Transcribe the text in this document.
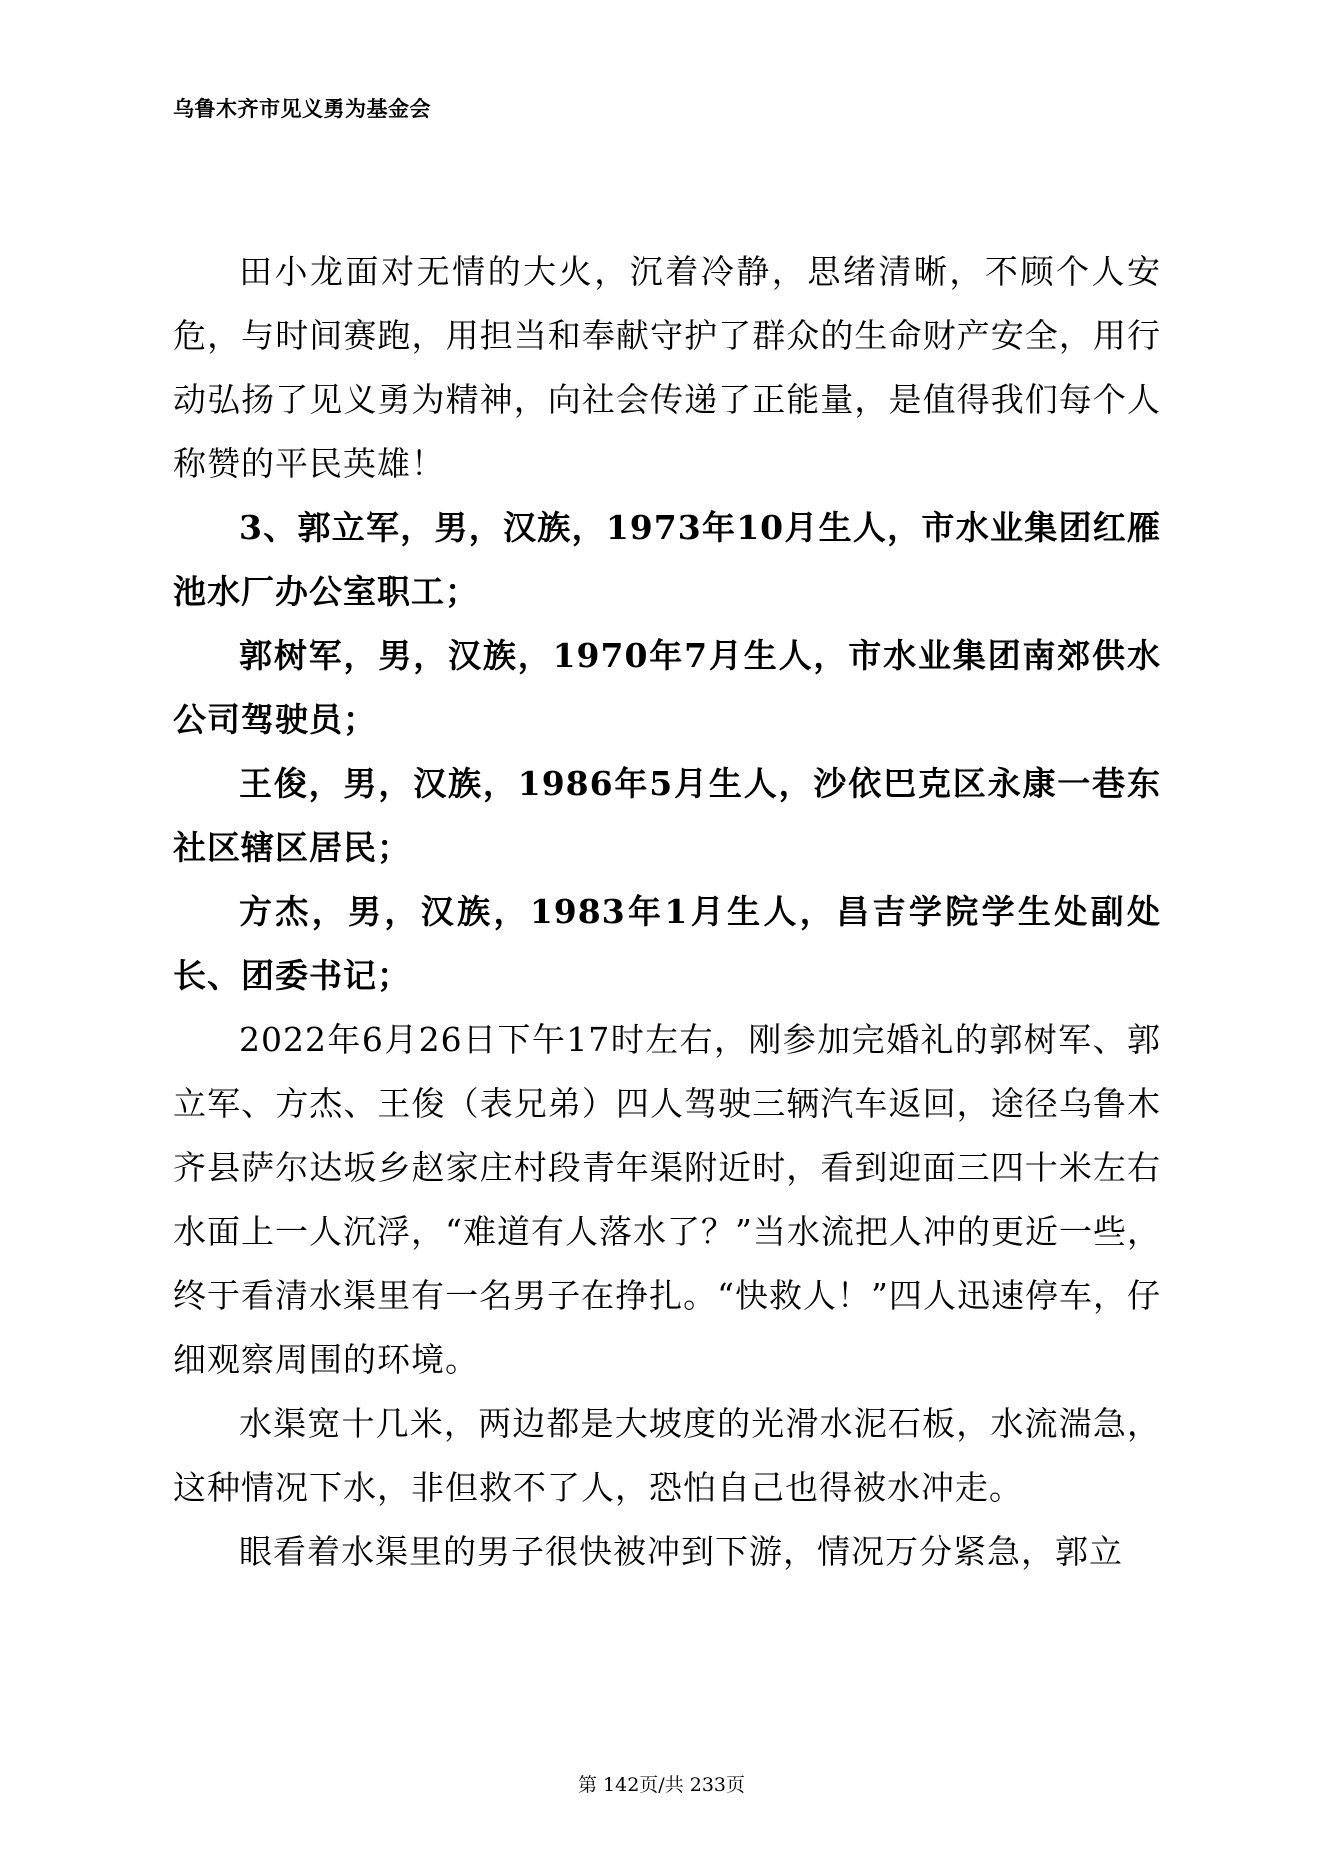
乌鲁木齐市见义勇为基金会

田小龙面对无情的大火，沉着冷静，思绪清晰，不顾个人安危，与时间赛跑，用担当和奉献守护了群众的生命财产安全，用行动弘扬了见义勇为精神，向社会传递了正能量，是值得我们每个人称赞的平民英雄！

3、郭立军，男，汉族，1973年10月生人，市水业集团红雁池水厂办公室职工；

郭树军，男，汉族，1970年7月生人，市水业集团南郊供水公司驾驶员；

王俊，男，汉族，1986年5月生人，沙依巴克区永康一巷东社区辖区居民；

方杰，男，汉族，1983年1月生人，昌吉学院学生处副处长、团委书记；

2022年6月26日下午17时左右，刚参加完婚礼的郭树军、郭立军、方杰、王俊（表兄弟）四人驾驶三辆汽车返回，途径乌鲁木齐县萨尔达坂乡赵家庄村段青年渠附近时，看到迎面三四十米左右水面上一人沉浮，“难道有人落水了？”当水流把人冲的更近一些，终于看清水渠里有一名男子在挣扎。“快救人！”四人迅速停车，仔细观察周围的环境。

水渠宽十几米，两边都是大坡度的光滑水泥石板，水流湍急，这种情况下水，非但救不了人，恐怕自己也得被水冲走。

眼看着水渠里的男子很快被冲到下游，情况万分紧急，郭立

第 142页/共 233页
